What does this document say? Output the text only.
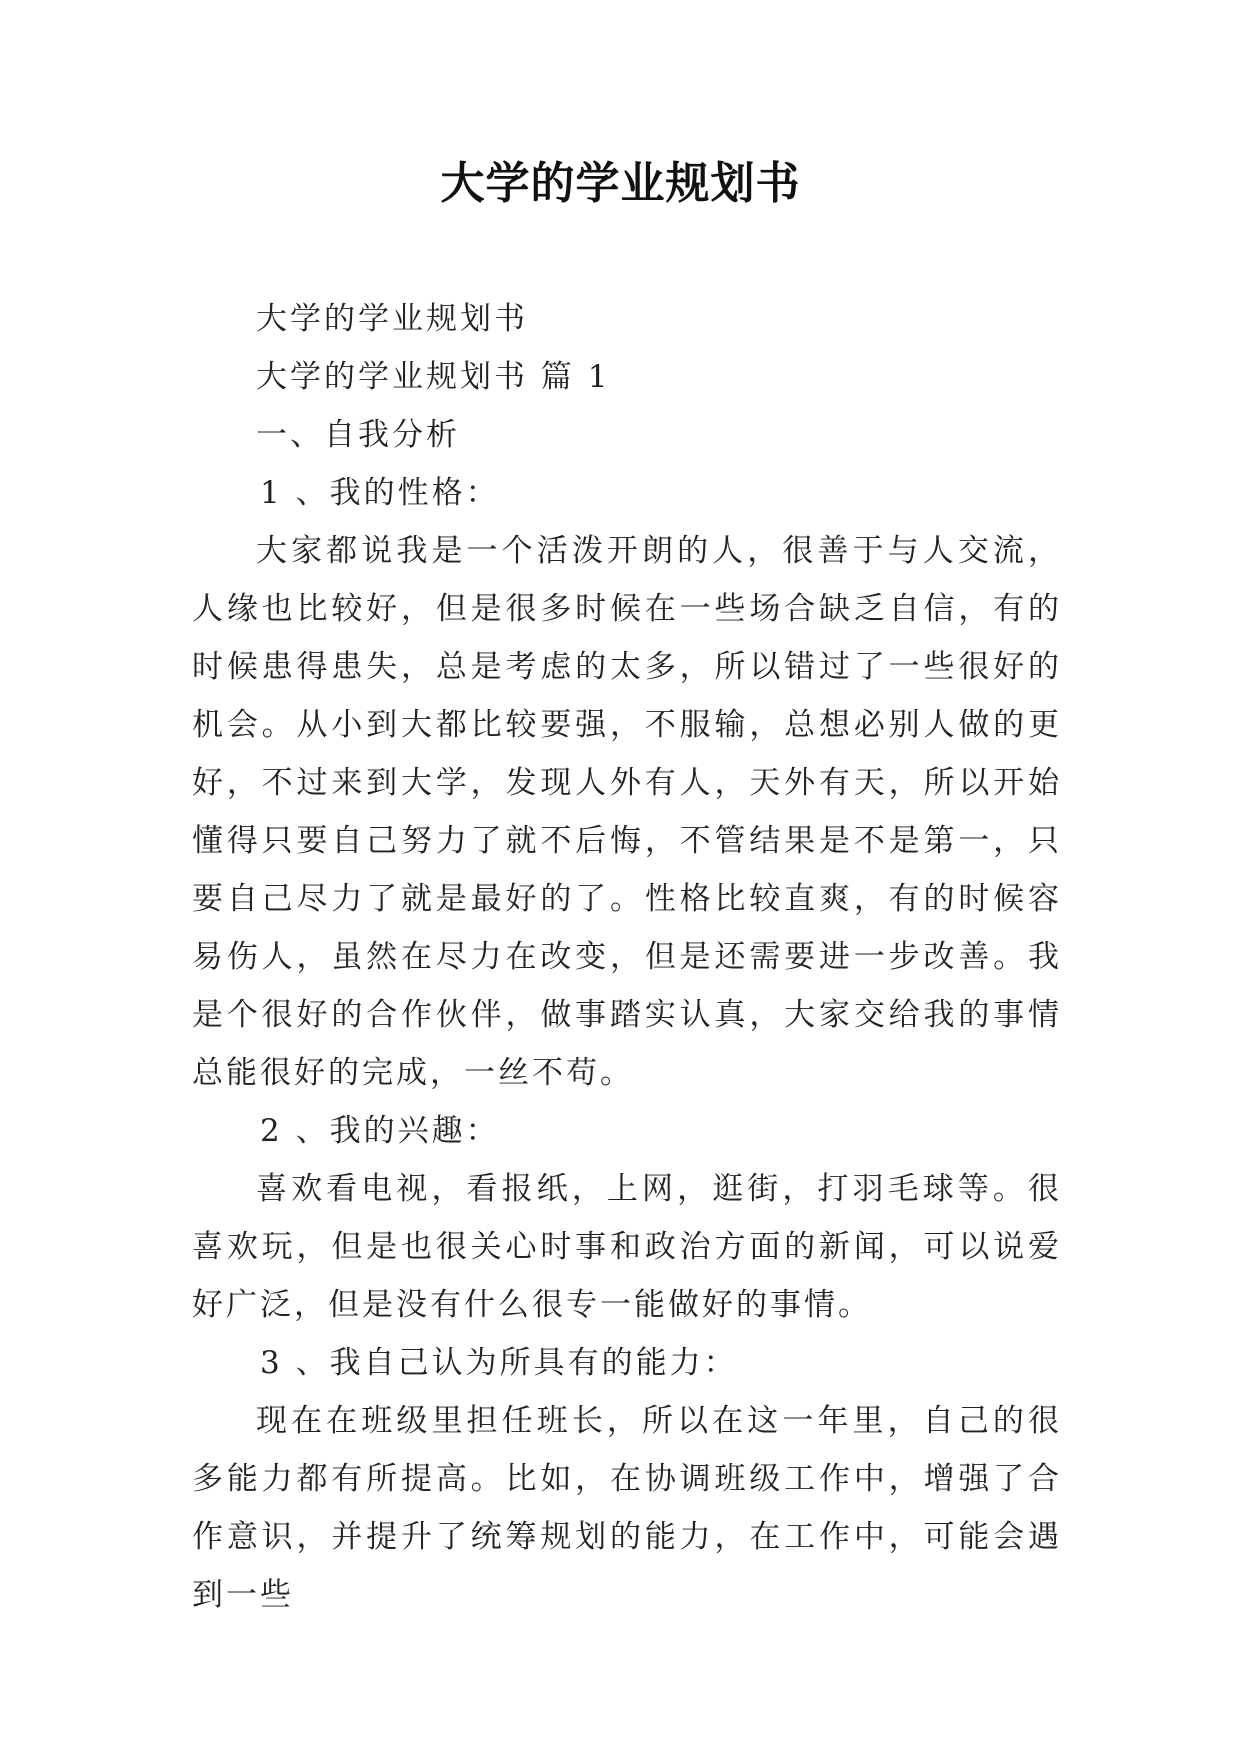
大学的学业规划书

大学的学业规划书

大学的学业规划书 篇 1

一、自我分析

1 、我的性格：

大家都说我是一个活泼开朗的人，很善于与人交流，人缘也比较好，但是很多时候在一些场合缺乏自信，有的时候患得患失，总是考虑的太多，所以错过了一些很好的机会。从小到大都比较要强，不服输，总想必别人做的更好，不过来到大学，发现人外有人，天外有天，所以开始懂得只要自己努力了就不后悔，不管结果是不是第一，只要自己尽力了就是最好的了。性格比较直爽，有的时候容易伤人，虽然在尽力在改变，但是还需要进一步改善。我是个很好的合作伙伴，做事踏实认真，大家交给我的事情总能很好的完成，一丝不苟。

2 、我的兴趣：

喜欢看电视，看报纸，上网，逛街，打羽毛球等。很喜欢玩，但是也很关心时事和政治方面的新闻，可以说爱好广泛，但是没有什么很专一能做好的事情。

3 、我自己认为所具有的能力：

现在在班级里担任班长，所以在这一年里，自己的很多能力都有所提高。比如，在协调班级工作中，增强了合作意识，并提升了统筹规划的能力，在工作中，可能会遇到一些
